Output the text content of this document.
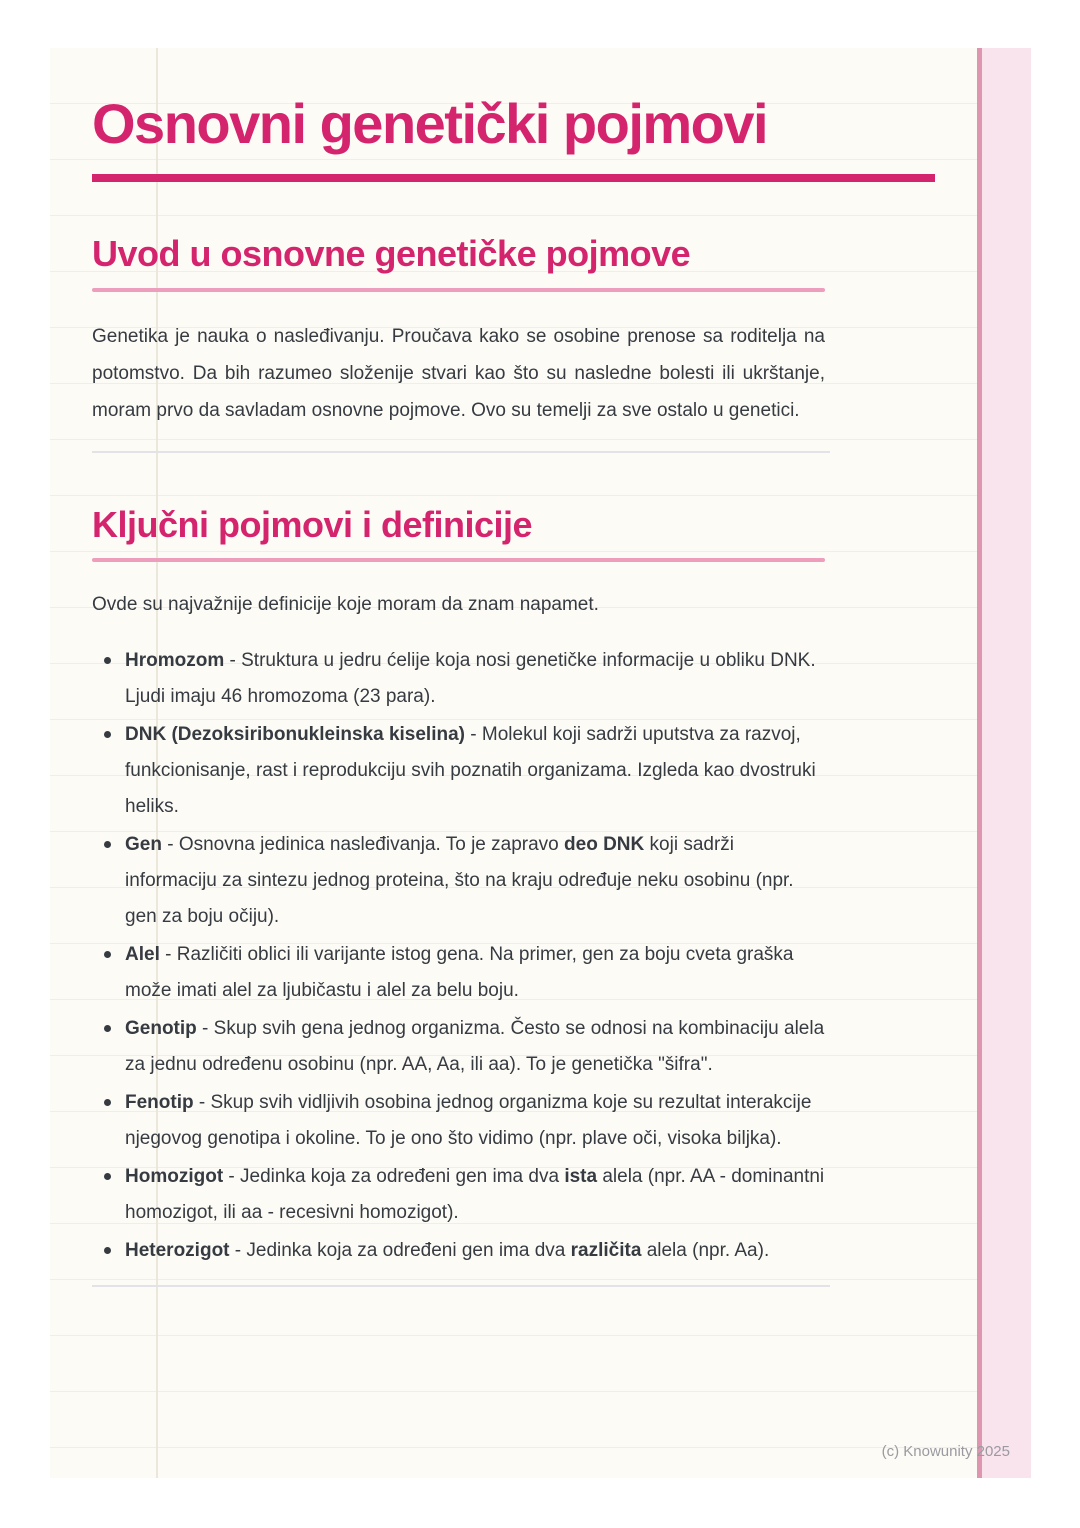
Osnovni genetički pojmovi
Uvod u osnovne genetičke pojmove

Genetika je nauka o nasleđivanju. Proučava kako se osobine prenose sa roditelja na potomstvo. Da bih razumeo složenije stvari kao što su nasledne bolesti ili ukrštanje, moram prvo da savladam osnovne pojmove. Ovo su temelji za sve ostalo u genetici.

Ključni pojmovi i definicije

Ovde su najvažnije definicije koje moram da znam napamet.

Hromozom - Struktura u jedru ćelije koja nosi genetičke informacije u obliku DNK. Ljudi imaju 46 hromozoma (23 para).
DNK (Dezoksiribonukleinska kiselina) - Molekul koji sadrži uputstva za razvoj, funkcionisanje, rast i reprodukciju svih poznatih organizama. Izgleda kao dvostruki heliks.
Gen - Osnovna jedinica nasleđivanja. To je zapravo deo DNK koji sadrži informaciju za sintezu jednog proteina, što na kraju određuje neku osobinu (npr. gen za boju očiju).
Alel - Različiti oblici ili varijante istog gena. Na primer, gen za boju cveta graška može imati alel za ljubičastu i alel za belu boju.
Genotip - Skup svih gena jednog organizma. Često se odnosi na kombinaciju alela za jednu određenu osobinu (npr. AA, Aa, ili aa). To je genetička "šifra".
Fenotip - Skup svih vidljivih osobina jednog organizma koje su rezultat interakcije njegovog genotipa i okoline. To je ono što vidimo (npr. plave oči, visoka biljka).
Homozigot - Jedinka koja za određeni gen ima dva ista alela (npr. AA - dominantni homozigot, ili aa - recesivni homozigot).
Heterozigot - Jedinka koja za određeni gen ima dva različita alela (npr. Aa).
(c) Knowunity 2025
